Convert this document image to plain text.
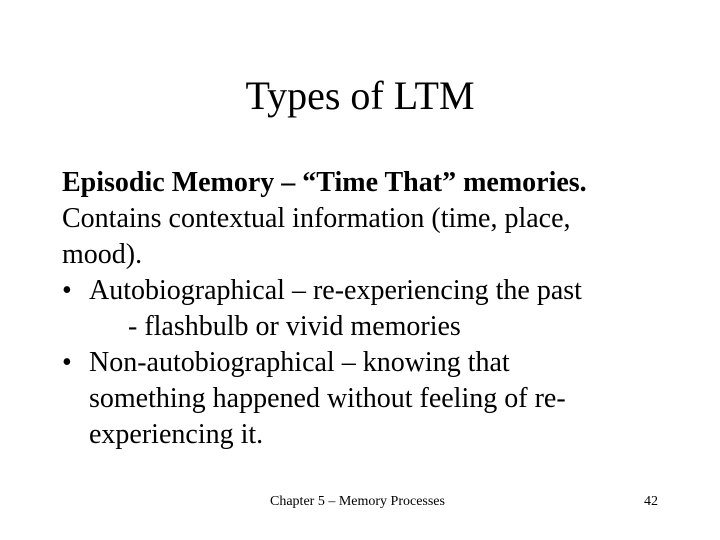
Types of LTM
Episodic Memory – “Time That” memories.
Contains contextual information (time, place,
mood).
• Autobiographical – re-experiencing the past
- flashbulb or vivid memories
• Non-autobiographical – knowing that
something happened without feeling of re-
experiencing it.
Chapter 5 – Memory Processes	42
